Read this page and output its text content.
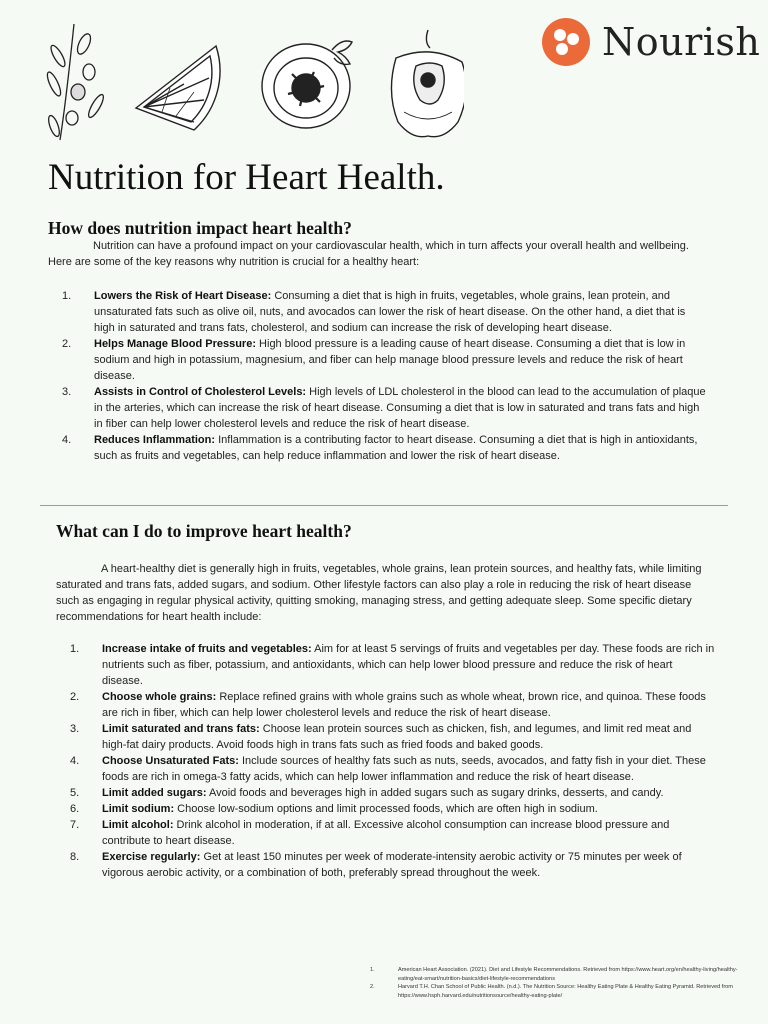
Nourish
Nutrition for Heart Health.
How does nutrition impact heart health?

Nutrition can have a profound impact on your cardiovascular health, which in turn affects your overall health and wellbeing. Here are some of the key reasons why nutrition is crucial for a healthy heart:

1. Lowers the Risk of Heart Disease: Consuming a diet that is high in fruits, vegetables, whole grains, lean protein, and unsaturated fats such as olive oil, nuts, and avocados can lower the risk of heart disease. On the other hand, a diet that is high in saturated and trans fats, cholesterol, and sodium can increase the risk of developing heart disease.
2. Helps Manage Blood Pressure: High blood pressure is a leading cause of heart disease. Consuming a diet that is low in sodium and high in potassium, magnesium, and fiber can help manage blood pressure levels and reduce the risk of heart disease.
3. Assists in Control of Cholesterol Levels: High levels of LDL cholesterol in the blood can lead to the accumulation of plaque in the arteries, which can increase the risk of heart disease. Consuming a diet that is low in saturated and trans fats and high in fiber can help lower cholesterol levels and reduce the risk of heart disease.
4. Reduces Inflammation: Inflammation is a contributing factor to heart disease. Consuming a diet that is high in antioxidants, such as fruits and vegetables, can help reduce inflammation and lower the risk of heart disease.
What can I do to improve heart health?

A heart-healthy diet is generally high in fruits, vegetables, whole grains, lean protein sources, and healthy fats, while limiting saturated and trans fats, added sugars, and sodium. Other lifestyle factors can also play a role in reducing the risk of heart disease such as engaging in regular physical activity, quitting smoking, managing stress, and getting adequate sleep. Some specific dietary recommendations for heart health include:

1. Increase intake of fruits and vegetables: Aim for at least 5 servings of fruits and vegetables per day. These foods are rich in nutrients such as fiber, potassium, and antioxidants, which can help lower blood pressure and reduce the risk of heart disease.
2. Choose whole grains: Replace refined grains with whole grains such as whole wheat, brown rice, and quinoa. These foods are rich in fiber, which can help lower cholesterol levels and reduce the risk of heart disease.
3. Limit saturated and trans fats: Choose lean protein sources such as chicken, fish, and legumes, and limit red meat and high-fat dairy products. Avoid foods high in trans fats such as fried foods and baked goods.
4. Choose Unsaturated Fats: Include sources of healthy fats such as nuts, seeds, avocados, and fatty fish in your diet. These foods are rich in omega-3 fatty acids, which can help lower inflammation and reduce the risk of heart disease.
5. Limit added sugars: Avoid foods and beverages high in added sugars such as sugary drinks, desserts, and candy.
6. Limit sodium: Choose low-sodium options and limit processed foods, which are often high in sodium.
7. Limit alcohol: Drink alcohol in moderation, if at all. Excessive alcohol consumption can increase blood pressure and contribute to heart disease.
8. Exercise regularly: Get at least 150 minutes per week of moderate-intensity aerobic activity or 75 minutes per week of vigorous aerobic activity, or a combination of both, preferably spread throughout the week.
1.	American Heart Association. (2021). Diet and Lifestyle Recommendations. Retrieved from https://www.heart.org/en/healthy-living/healthy-eating/eat-smart/nutrition-basics/diet-lifestyle-recommendations
2.	Harvard T.H. Chan School of Public Health. (n.d.). The Nutrition Source: Healthy Eating Plate & Healthy Eating Pyramid. Retrieved from https://www.hsph.harvard.edu/nutritionsource/healthy-eating-plate/
